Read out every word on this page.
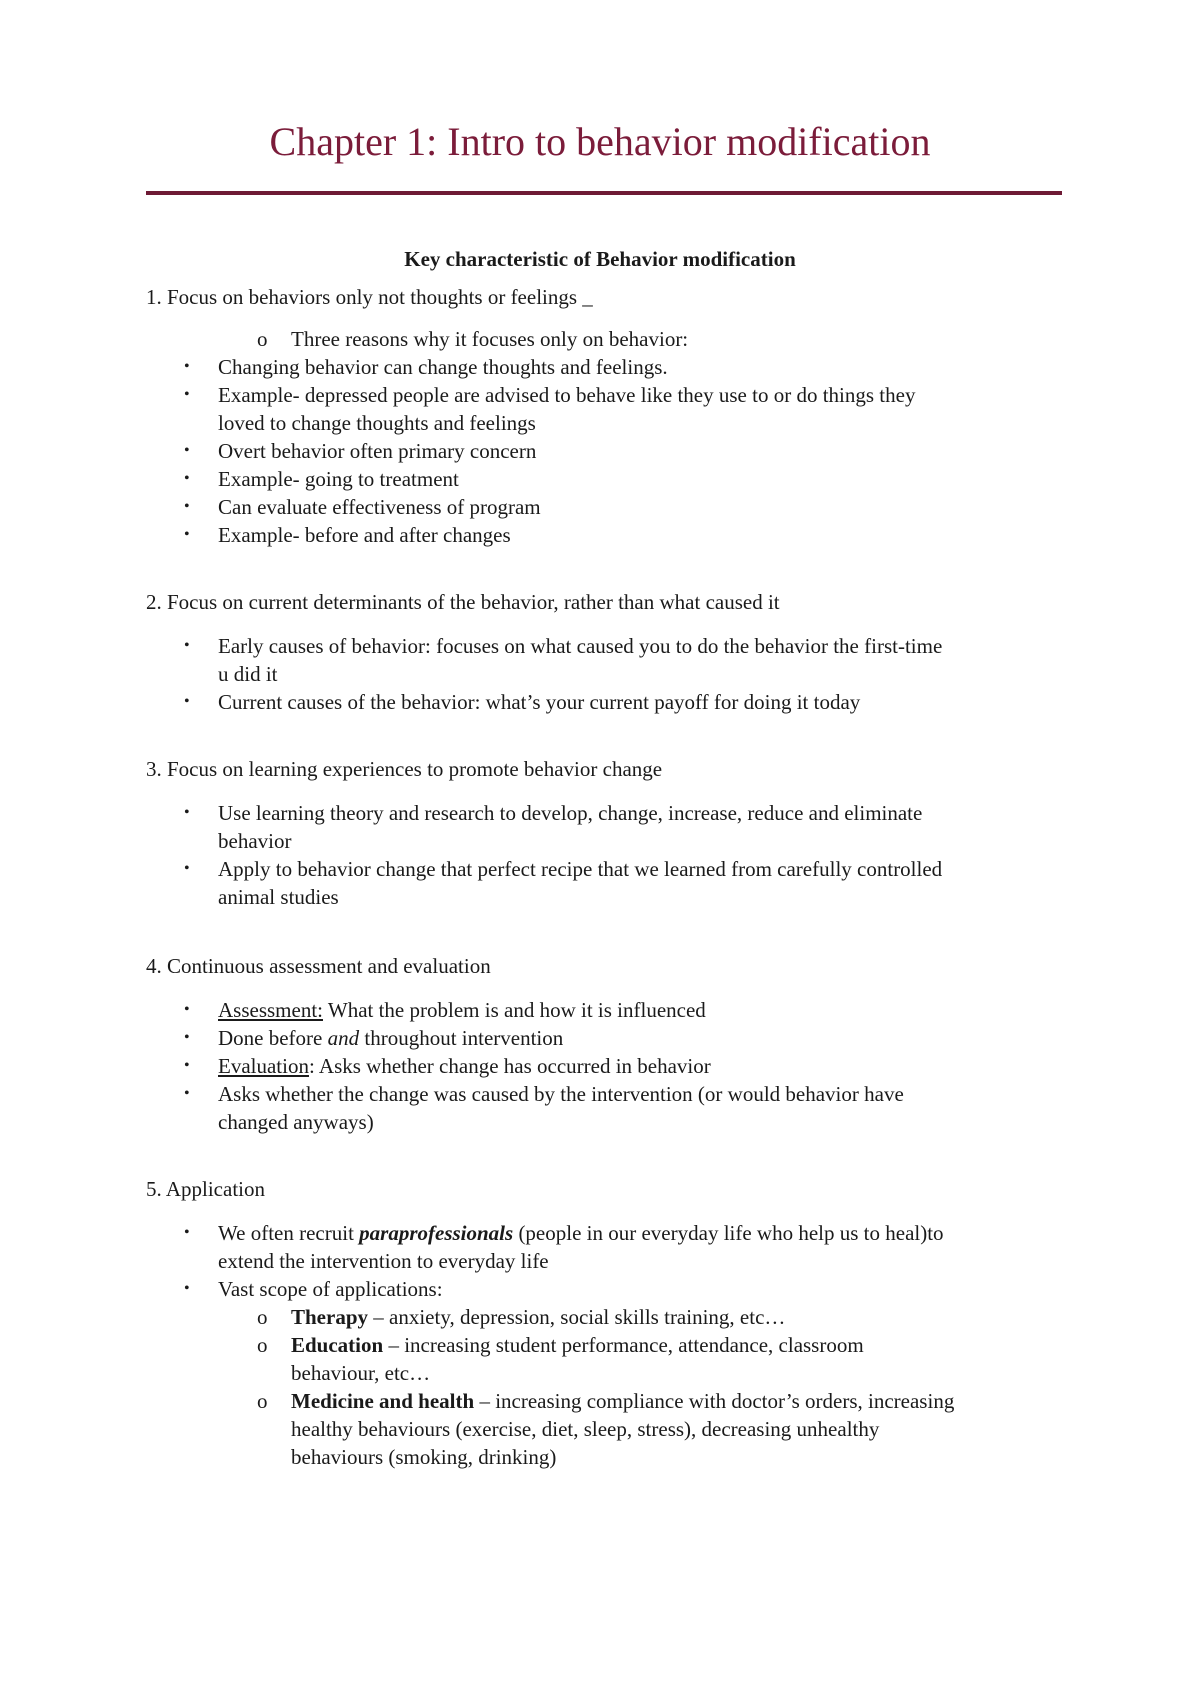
Chapter 1: Intro to behavior modification
Key characteristic of Behavior modification
1. Focus on behaviors only not thoughts or feelings _
o Three reasons why it focuses only on behavior:
• Changing behavior can change thoughts and feelings.
• Example- depressed people are advised to behave like they use to or do things they
loved to change thoughts and feelings
• Overt behavior often primary concern
• Example- going to treatment
• Can evaluate effectiveness of program
• Example- before and after changes
2. Focus on current determinants of the behavior, rather than what caused it
• Early causes of behavior: focuses on what caused you to do the behavior the first-time
u did it
• Current causes of the behavior: what’s your current payoff for doing it today
3. Focus on learning experiences to promote behavior change
• Use learning theory and research to develop, change, increase, reduce and eliminate
behavior
• Apply to behavior change that perfect recipe that we learned from carefully controlled
animal studies
4. Continuous assessment and evaluation
• Assessment: What the problem is and how it is influenced
• Done before and throughout intervention
• Evaluation: Asks whether change has occurred in behavior
• Asks whether the change was caused by the intervention (or would behavior have
changed anyways)
5. Application
• We often recruit paraprofessionals (people in our everyday life who help us to heal)to
extend the intervention to everyday life
• Vast scope of applications:
o Therapy – anxiety, depression, social skills training, etc…
o Education – increasing student performance, attendance, classroom
behaviour, etc…
o Medicine and health – increasing compliance with doctor’s orders, increasing
healthy behaviours (exercise, diet, sleep, stress), decreasing unhealthy
behaviours (smoking, drinking)
